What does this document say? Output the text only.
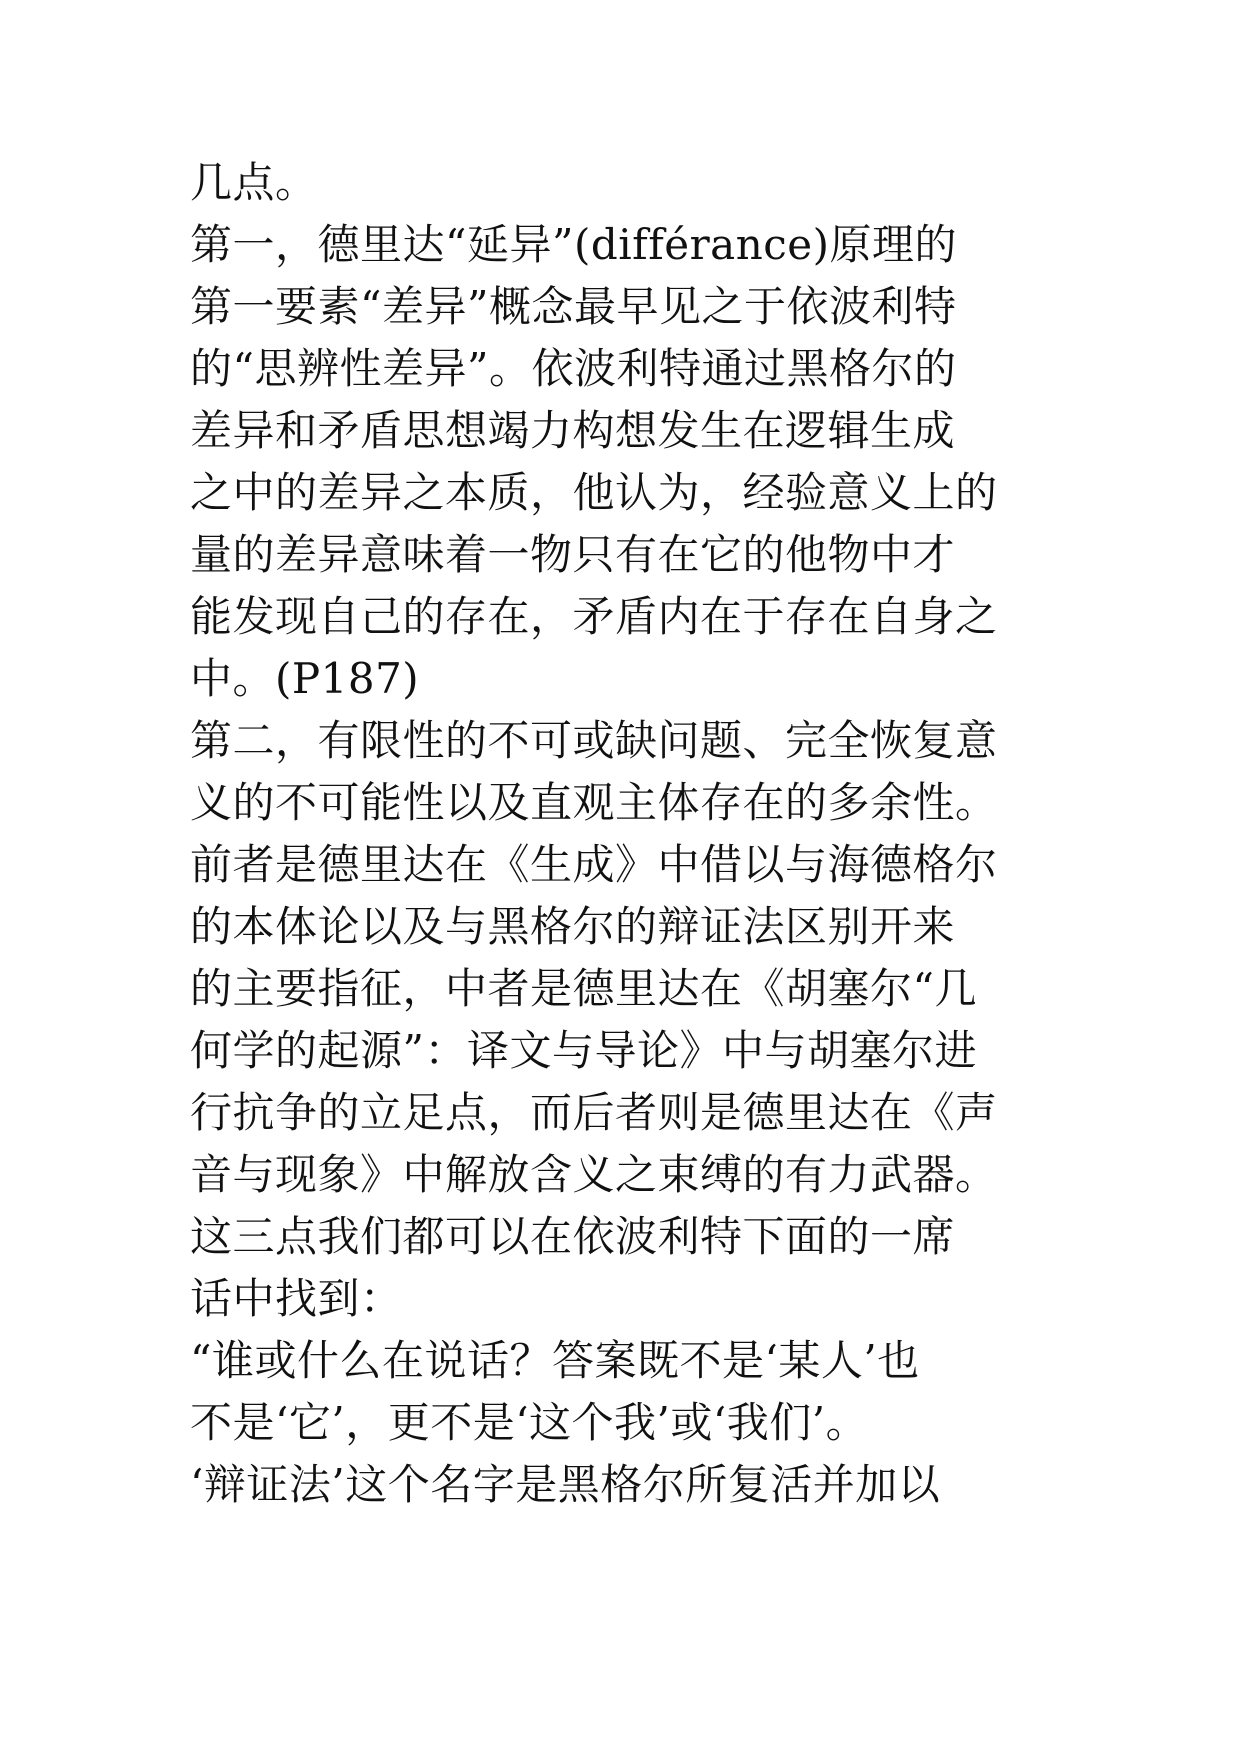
几点。
第一，德里达“延异”(différance)原理的
第一要素“差异”概念最早见之于依波利特
的“思辨性差异”。依波利特通过黑格尔的
差异和矛盾思想竭力构想发生在逻辑生成
之中的差异之本质，他认为，经验意义上的
量的差异意味着一物只有在它的他物中才
能发现自己的存在，矛盾内在于存在自身之
中。(P187)
第二，有限性的不可或缺问题、完全恢复意
义的不可能性以及直观主体存在的多余性。
前者是德里达在《生成》中借以与海德格尔
的本体论以及与黑格尔的辩证法区别开来
的主要指征，中者是德里达在《胡塞尔“几
何学的起源”：译文与导论》中与胡塞尔进
行抗争的立足点，而后者则是德里达在《声
音与现象》中解放含义之束缚的有力武器。
这三点我们都可以在依波利特下面的一席
话中找到：
“谁或什么在说话？答案既不是‘某人’也
不是‘它’，更不是‘这个我’或‘我们’。
‘辩证法’这个名字是黑格尔所复活并加以
